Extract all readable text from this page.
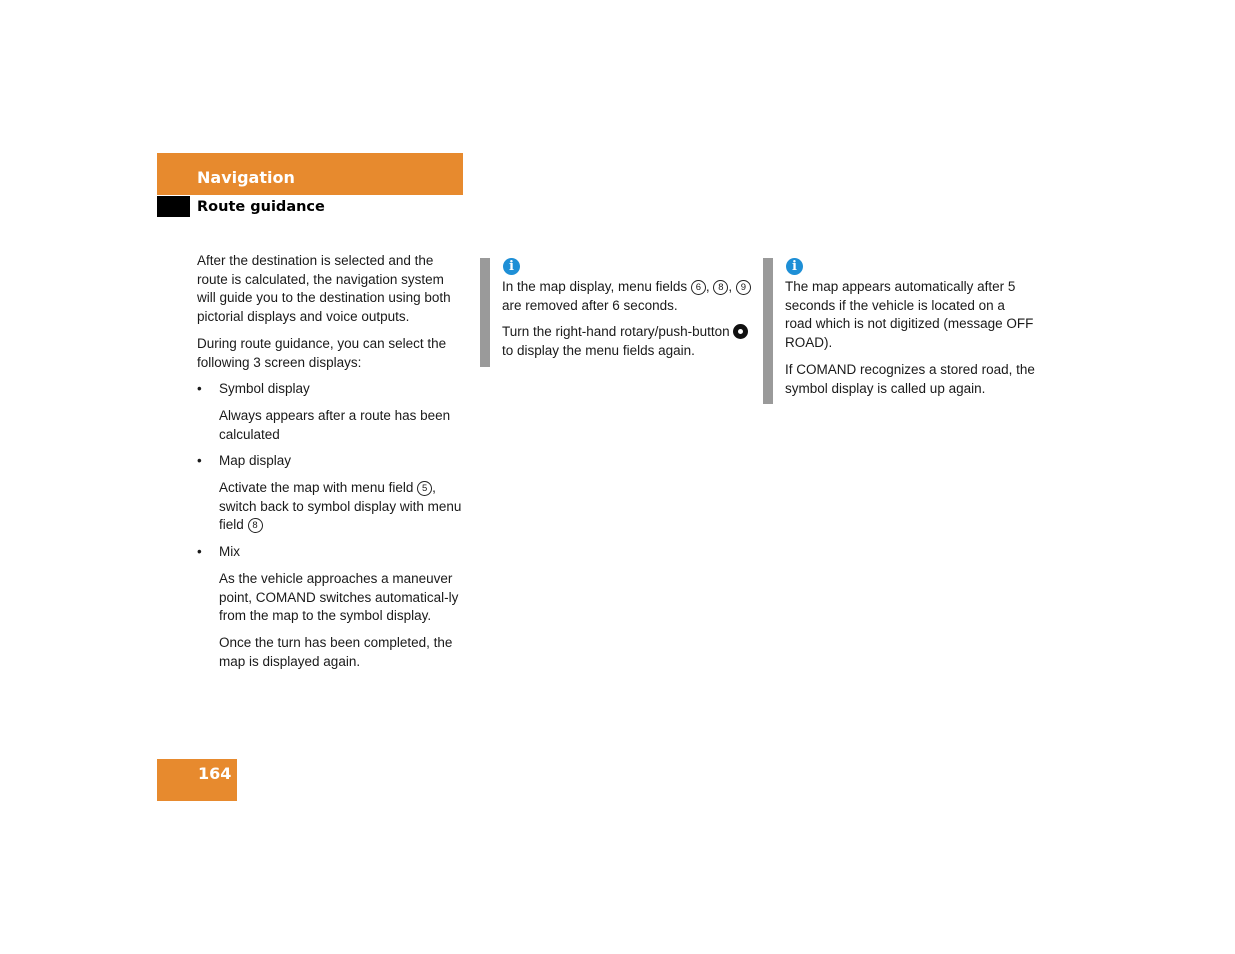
Navigation
Route guidance

After the destination is selected and the route is calculated, the navigation system will guide you to the destination using both pictorial displays and voice outputs.

During route guidance, you can select the following 3 screen displays:

• Symbol display

Always appears after a route has been calculated

• Map display

Activate the map with menu field 5 , switch back to symbol display with menu field 8

• Mix

As the vehicle approaches a maneuver point, COMAND switches automatical-ly from the map to the symbol display.

Once the turn has been completed, the map is displayed again.

i

In the map display, menu fields 6 , 8 , 9 are removed after 6 seconds.

Turn the right-hand rotary/push-button to display the menu fields again.

i

The map appears automatically after 5 seconds if the vehicle is located on a road which is not digitized (message OFF ROAD).

If COMAND recognizes a stored road, the symbol display is called up again.

164
